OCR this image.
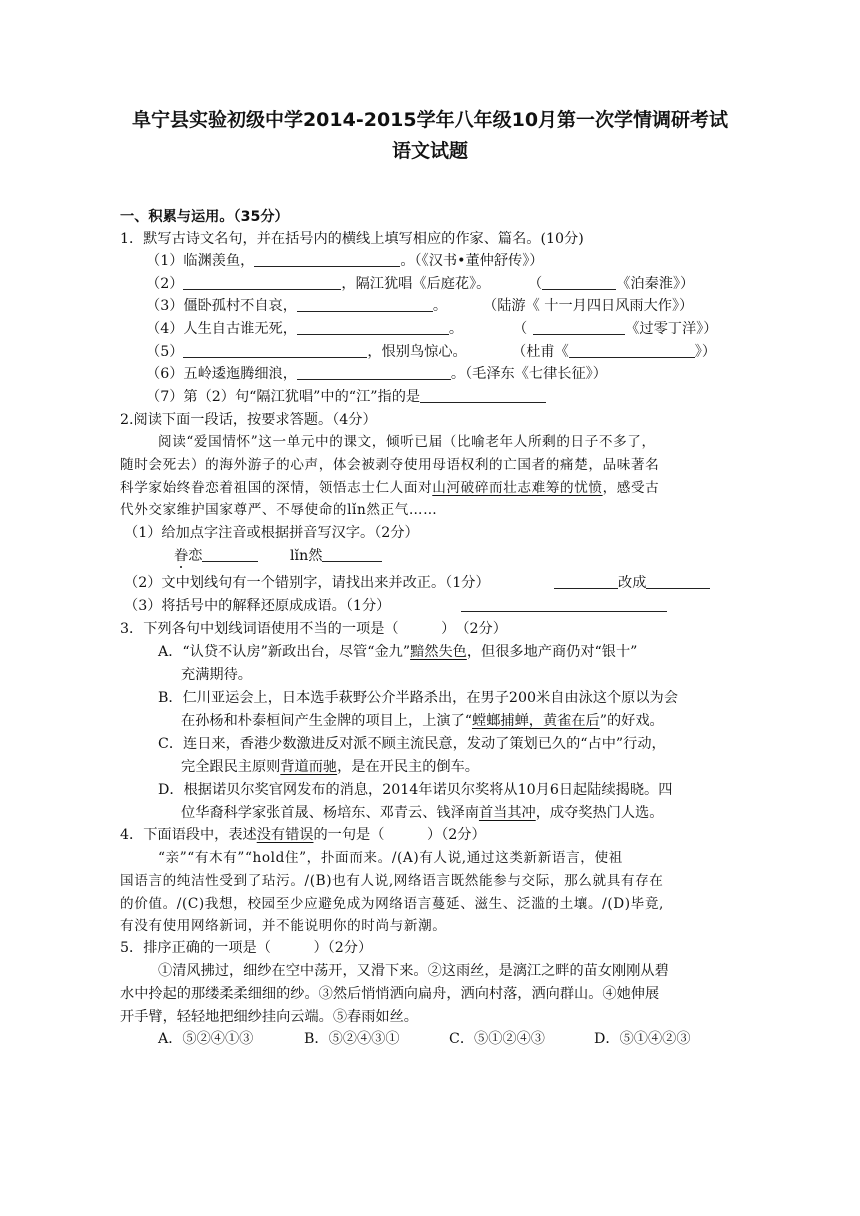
阜宁县实验初级中学2014-2015学年八年级10月第一次学情调研考试
语文试题
一、积累与运用。（35分）
1．默写古诗文名句，并在括号内的横线上填写相应的作家、篇名。(10分)
（1）临渊羡鱼，	。（《汉书•董仲舒传》）
（2）	，隔江犹唱《后庭花》。	（	《泊秦淮》）
（3）僵卧孤村不自哀，	。	（陆游《 十一月四日风雨大作》）
（4）人生自古谁无死，	。	（	《过零丁洋》）
（5）	，恨别鸟惊心。	（杜甫《	》）
（6）五岭逶迤腾细浪，	。（毛泽东《七律长征》）
（7）第（2）句“隔江犹唱”中的“江”指的是
2.阅读下面一段话，按要求答题。（4分）
阅读“爱国情怀”这一单元中的课文，倾听已届（比喻老年人所剩的日子不多了，
随时会死去）的海外游子的心声，体会被剥夺使用母语权利的亡国者的痛楚，品味著名
科学家始终眷恋着祖国的深情，领悟志士仁人面对山河破碎而壮志难筹的忧愤，感受古
代外交家维护国家尊严、不辱使命的lǐn然正气……
（1）给加点字注音或根据拼音写汉字。（2分）
眷恋	lǐn然
（2）文中划线句有一个错别字，请找出来并改正。（1分）	改成
（3）将括号中的解释还原成成语。（1分）
3．下列各句中划线词语使用不当的一项是（　　　）　（2分）
A．“认贷不认房”新政出台，尽管“金九”黯然失色，但很多地产商仍对“银十”
充满期待。
B．仁川亚运会上，日本选手萩野公介半路杀出，在男子200米自由泳这个原以为会
在孙杨和朴泰桓间产生金牌的项目上，上演了“螳螂捕蝉，黄雀在后”的好戏。
C．连日来，香港少数激进反对派不顾主流民意，发动了策划已久的“占中”行动，
完全跟民主原则背道而驰，是在开民主的倒车。
D．根据诺贝尔奖官网发布的消息，2014年诺贝尔奖将从10月6日起陆续揭晓。四
位华裔科学家张首晟、杨培东、邓青云、钱泽南首当其冲，成夺奖热门人选。
4．下面语段中，表述没有错误的一句是（　　　）（2分）
“亲”“有木有”“hold住”，扑面而来。/(A)有人说,通过这类新新语言，使祖
国语言的纯洁性受到了玷污。/(B)也有人说,网络语言既然能参与交际，那么就具有存在
的价值。/(C)我想，校园至少应避免成为网络语言蔓延、滋生、泛滥的土壤。/(D)毕竟,
有没有使用网络新词，并不能说明你的时尚与新潮。
5．排序正确的一项是（　　　）（2分）
①清风拂过，细纱在空中荡开，又滑下来。②这雨丝，是漓江之畔的苗女刚刚从碧
水中拎起的那缕柔柔细细的纱。③然后悄悄洒向扁舟，洒向村落，洒向群山。④她伸展
开手臂，轻轻地把细纱挂向云端。⑤春雨如丝。
A．⑤②④①③	B．⑤②④③①	C．⑤①②④③	D．⑤①④②③
